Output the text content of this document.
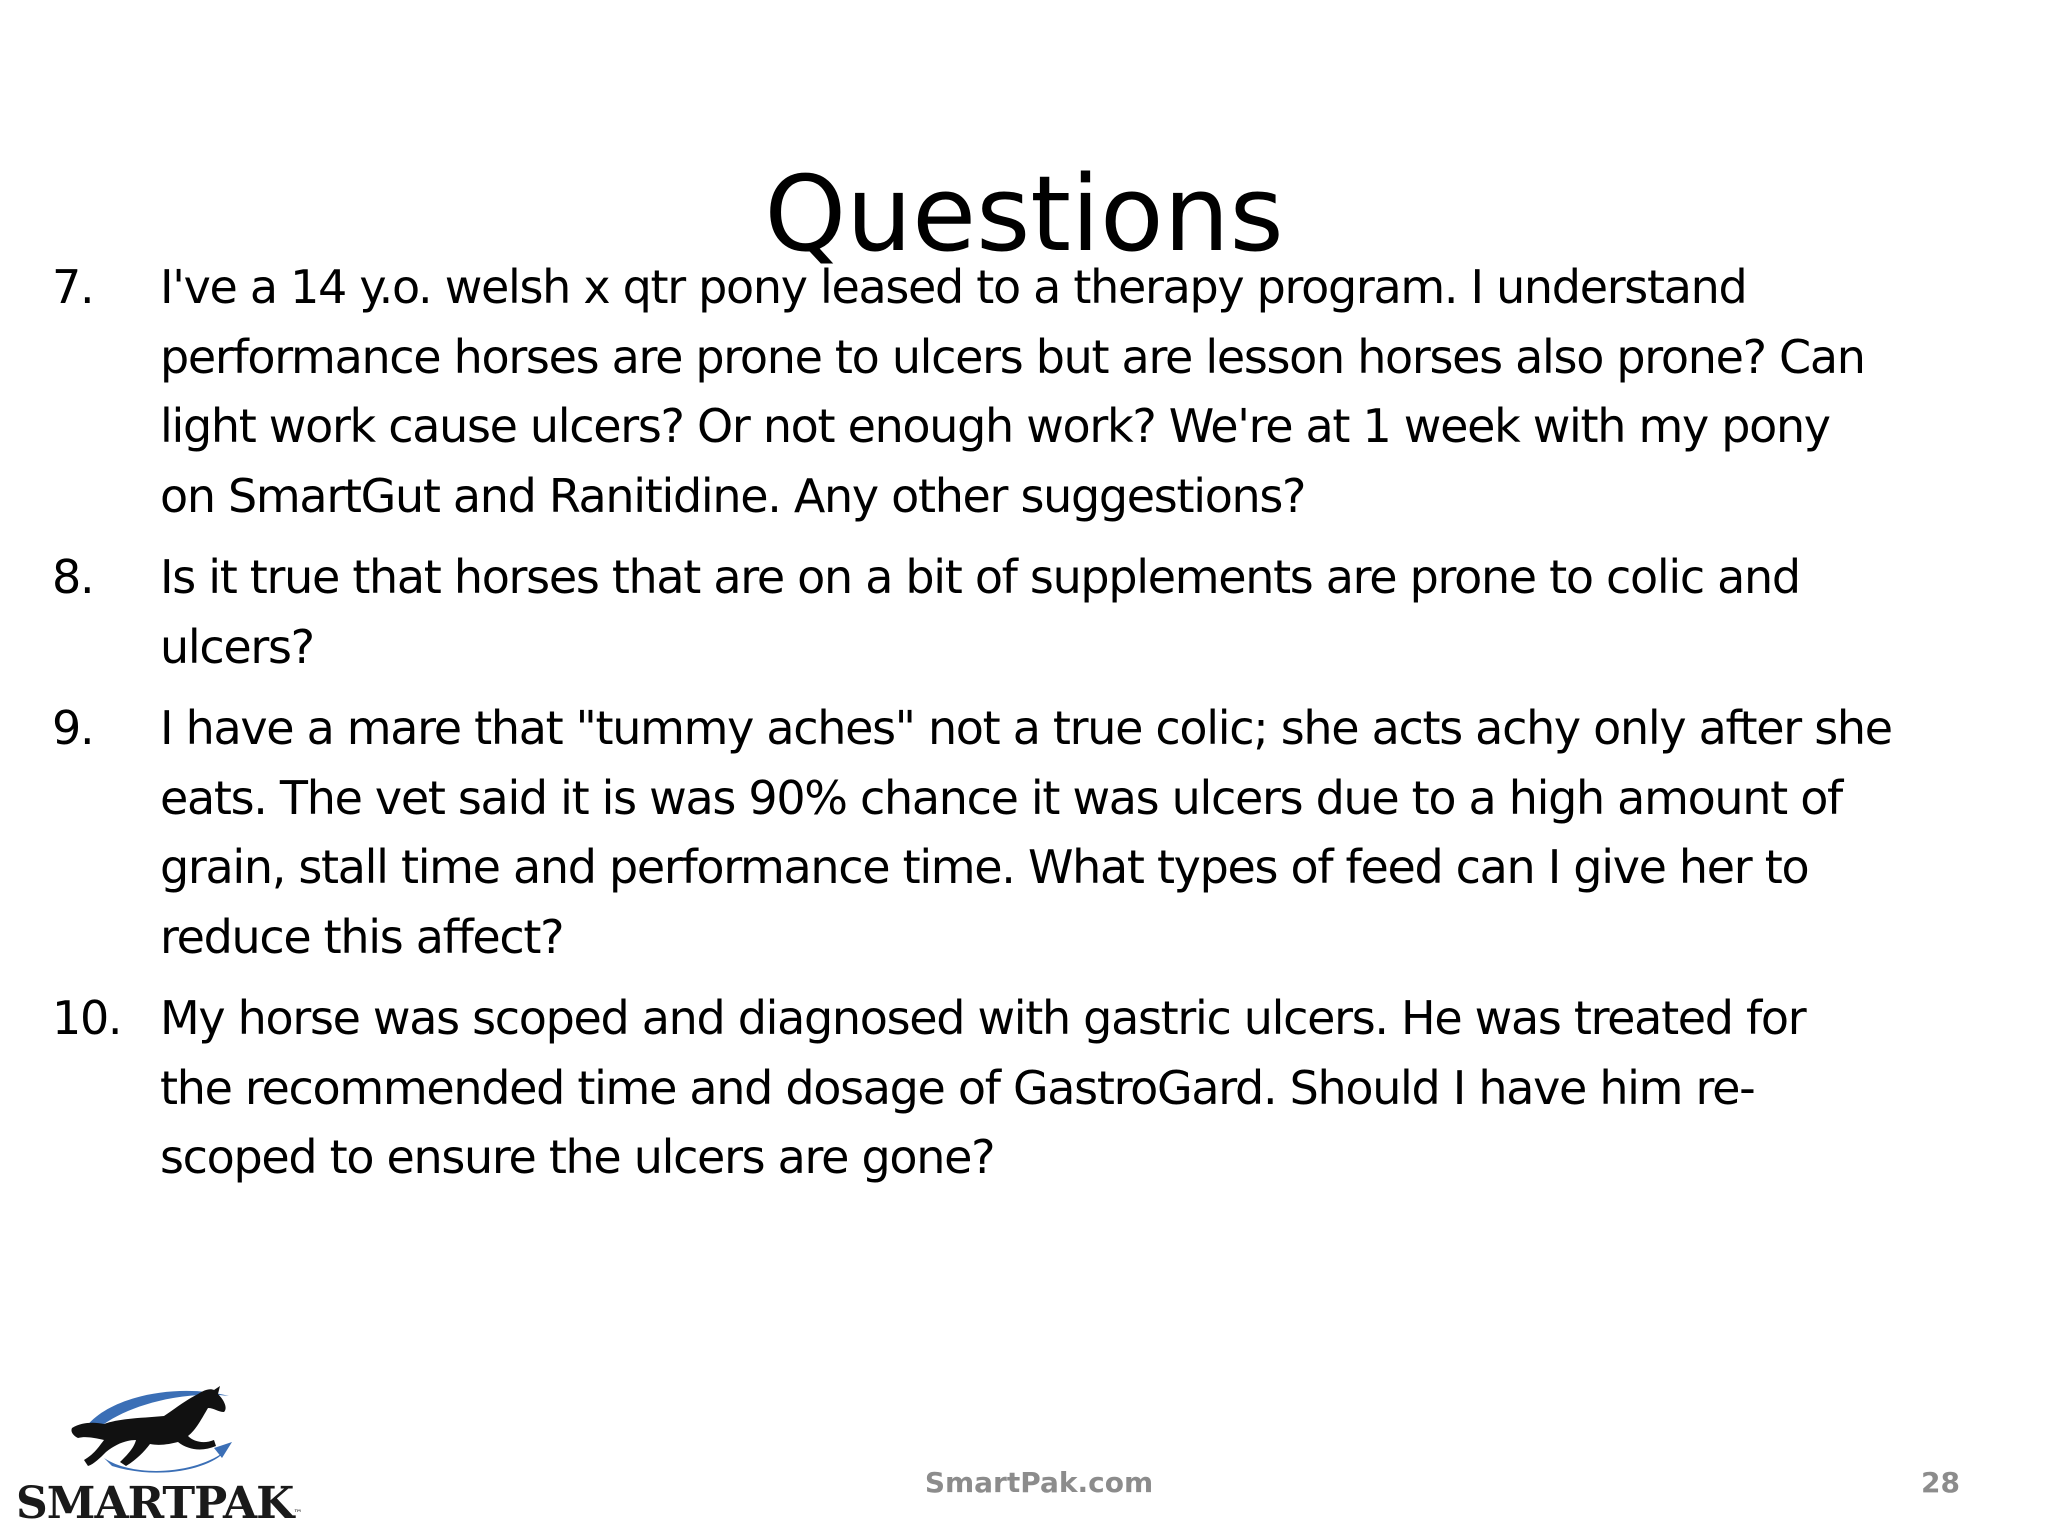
Questions
7. I've a 14 y.o. welsh x qtr pony leased to a therapy program. I understand
performance horses are prone to ulcers but are lesson horses also prone? Can
light work cause ulcers? Or not enough work? We're at 1 week with my pony
on SmartGut and Ranitidine. Any other suggestions?
8. Is it true that horses that are on a bit of supplements are prone to colic and
ulcers?
9. I have a mare that "tummy aches" not a true colic; she acts achy only after she
eats. The vet said it is was 90% chance it was ulcers due to a high amount of
grain, stall time and performance time. What types of feed can I give her to
reduce this affect?
10. My horse was scoped and diagnosed with gastric ulcers. He was treated for
the recommended time and dosage of GastroGard. Should I have him re-
scoped to ensure the ulcers are gone?
SMARTPAK™
SmartPak.com	28
